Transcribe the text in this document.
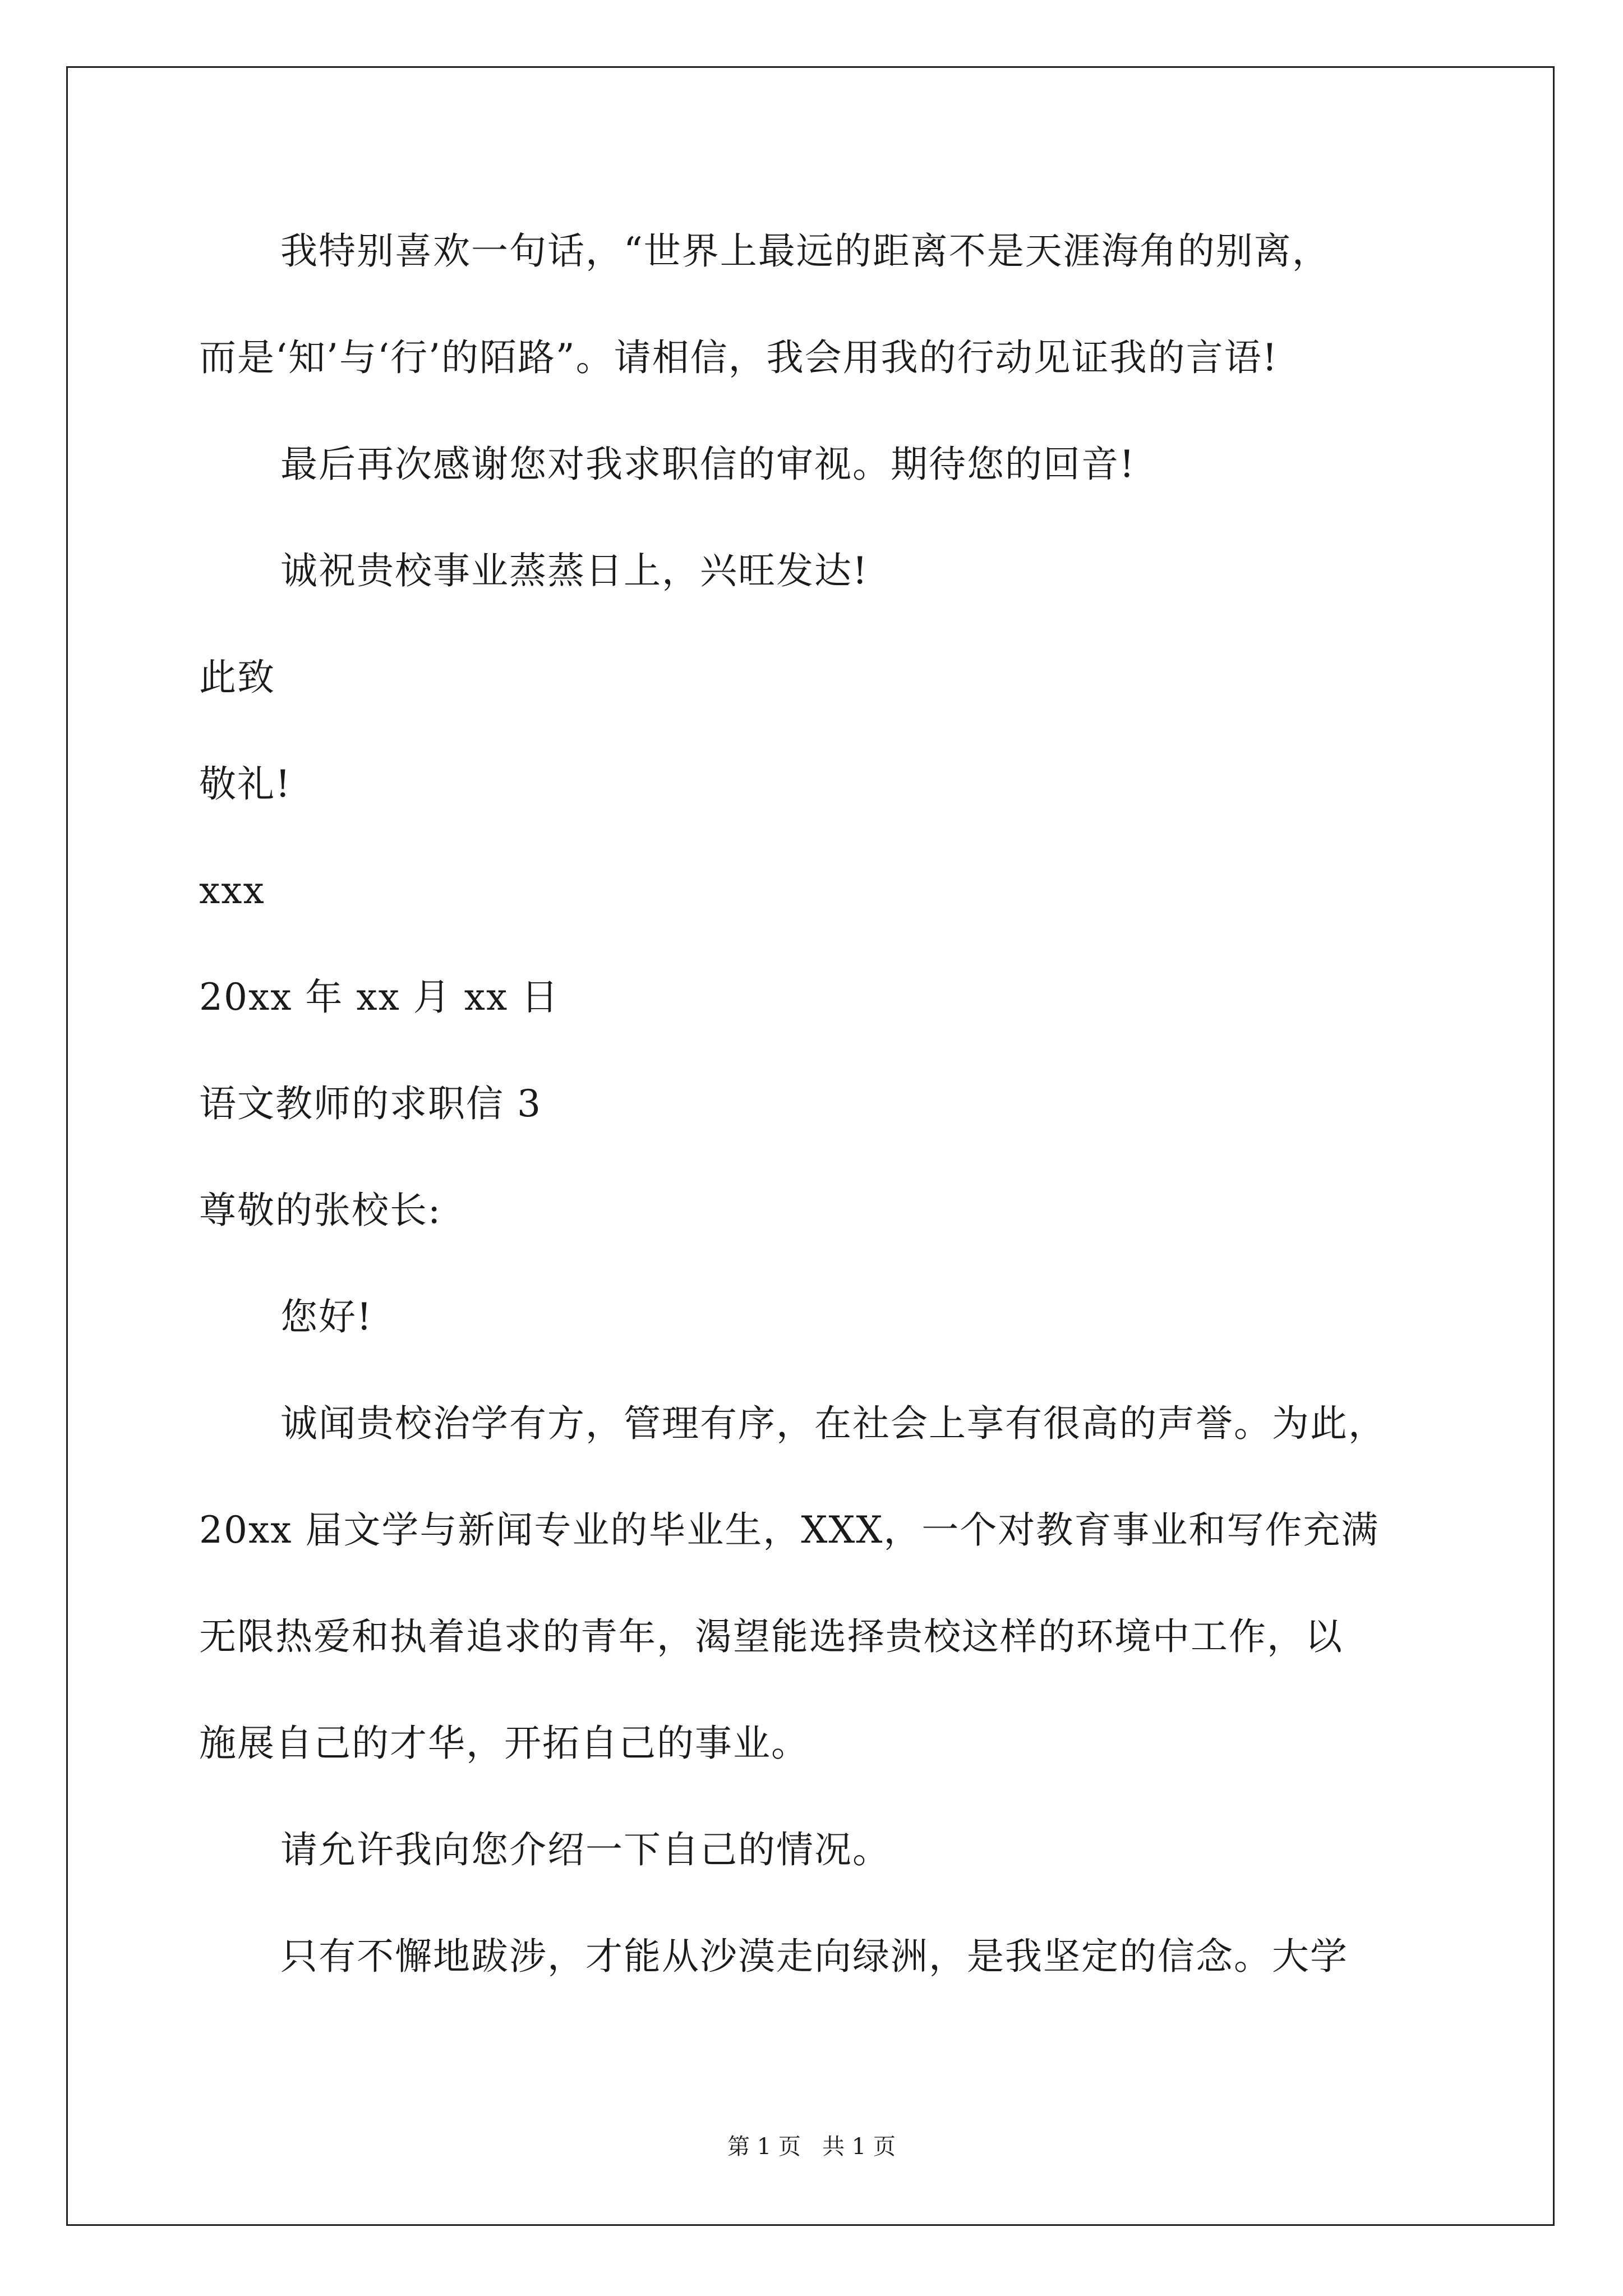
我特别喜欢一句话，“世界上最远的距离不是天涯海角的别离，
而是‘知’与‘行’的陌路”。请相信，我会用我的行动见证我的言语!
最后再次感谢您对我求职信的审视。期待您的回音!
诚祝贵校事业蒸蒸日上，兴旺发达!
此致
敬礼!
xxx
20xx 年 xx 月 xx 日
语文教师的求职信 3
尊敬的张校长:
您好!
诚闻贵校治学有方，管理有序，在社会上享有很高的声誉。为此，
20xx 届文学与新闻专业的毕业生，XXX，一个对教育事业和写作充满
无限热爱和执着追求的青年，渴望能选择贵校这样的环境中工作，以
施展自己的才华，开拓自己的事业。
请允许我向您介绍一下自己的情况。
只有不懈地跋涉，才能从沙漠走向绿洲，是我坚定的信念。大学
第 1 页   共 1 页
